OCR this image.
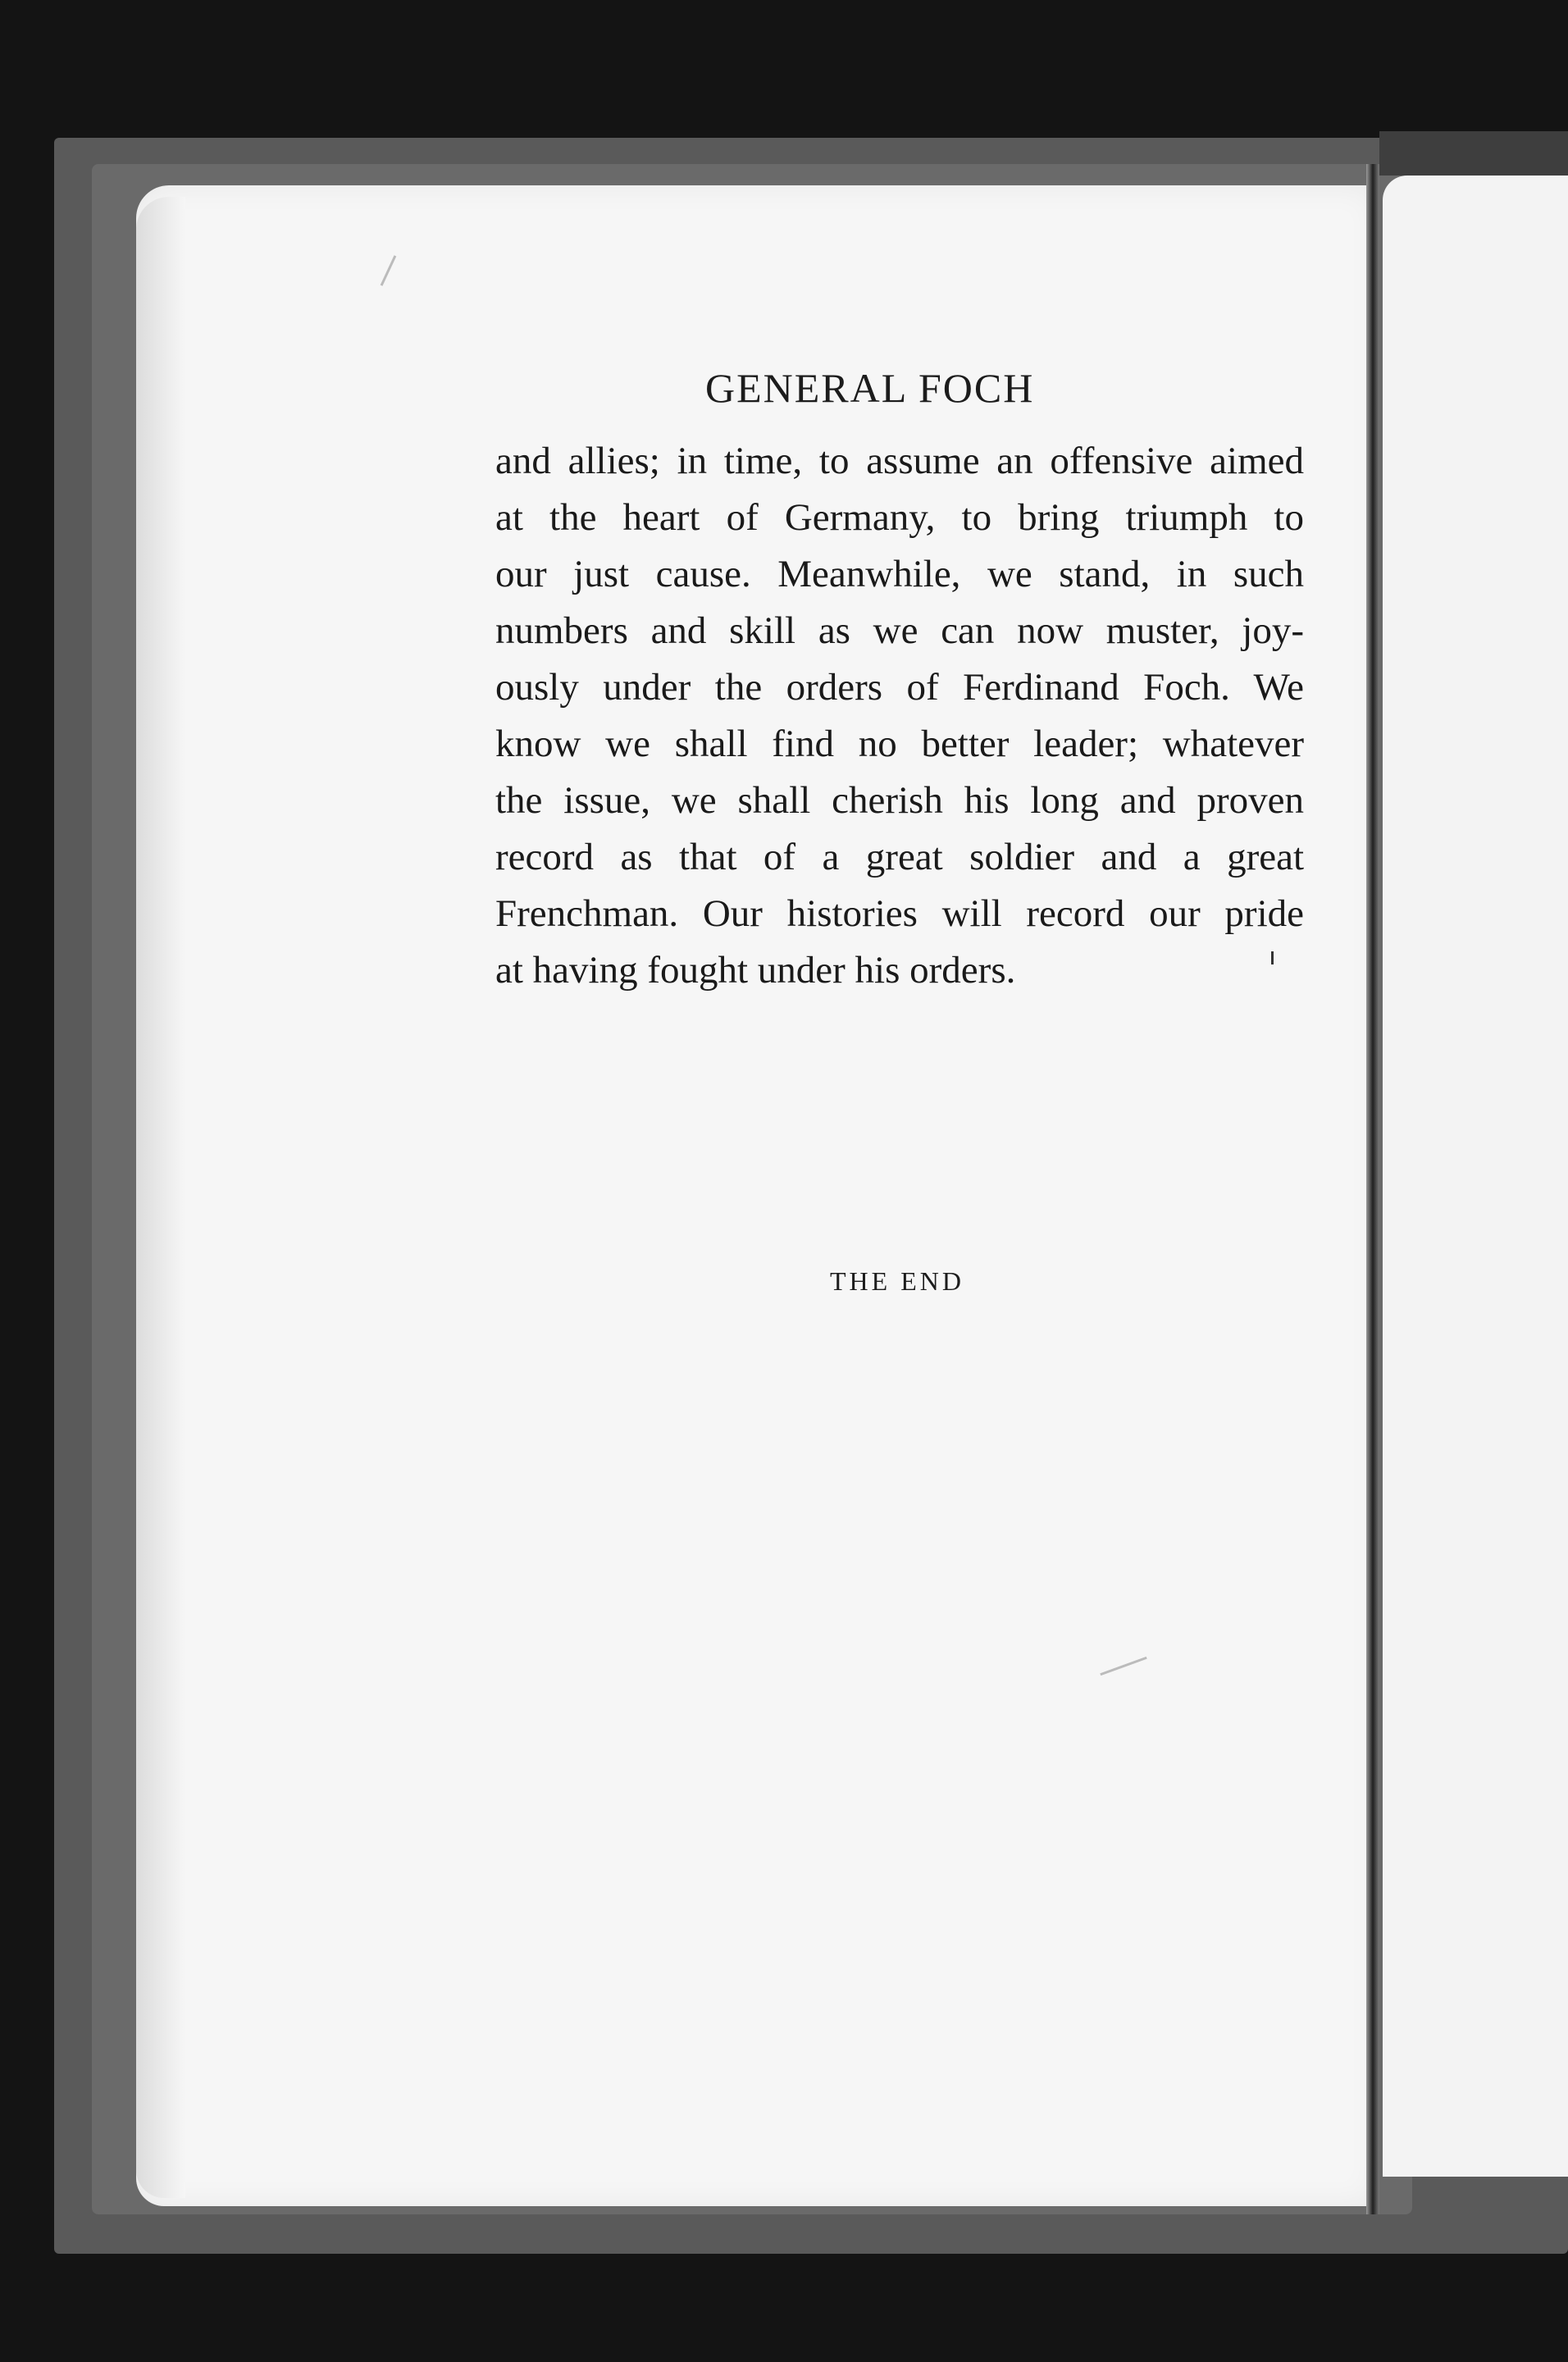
GENERAL FOCH
and allies; in time, to assume an offensive aimed
at the heart of Germany, to bring triumph to
our just cause. Meanwhile, we stand, in such
numbers and skill as we can now muster, joy-
ously under the orders of Ferdinand Foch. We
know we shall find no better leader; whatever
the issue, we shall cherish his long and proven
record as that of a great soldier and a great
Frenchman. Our histories will record our pride
at having fought under his orders.
THE END
